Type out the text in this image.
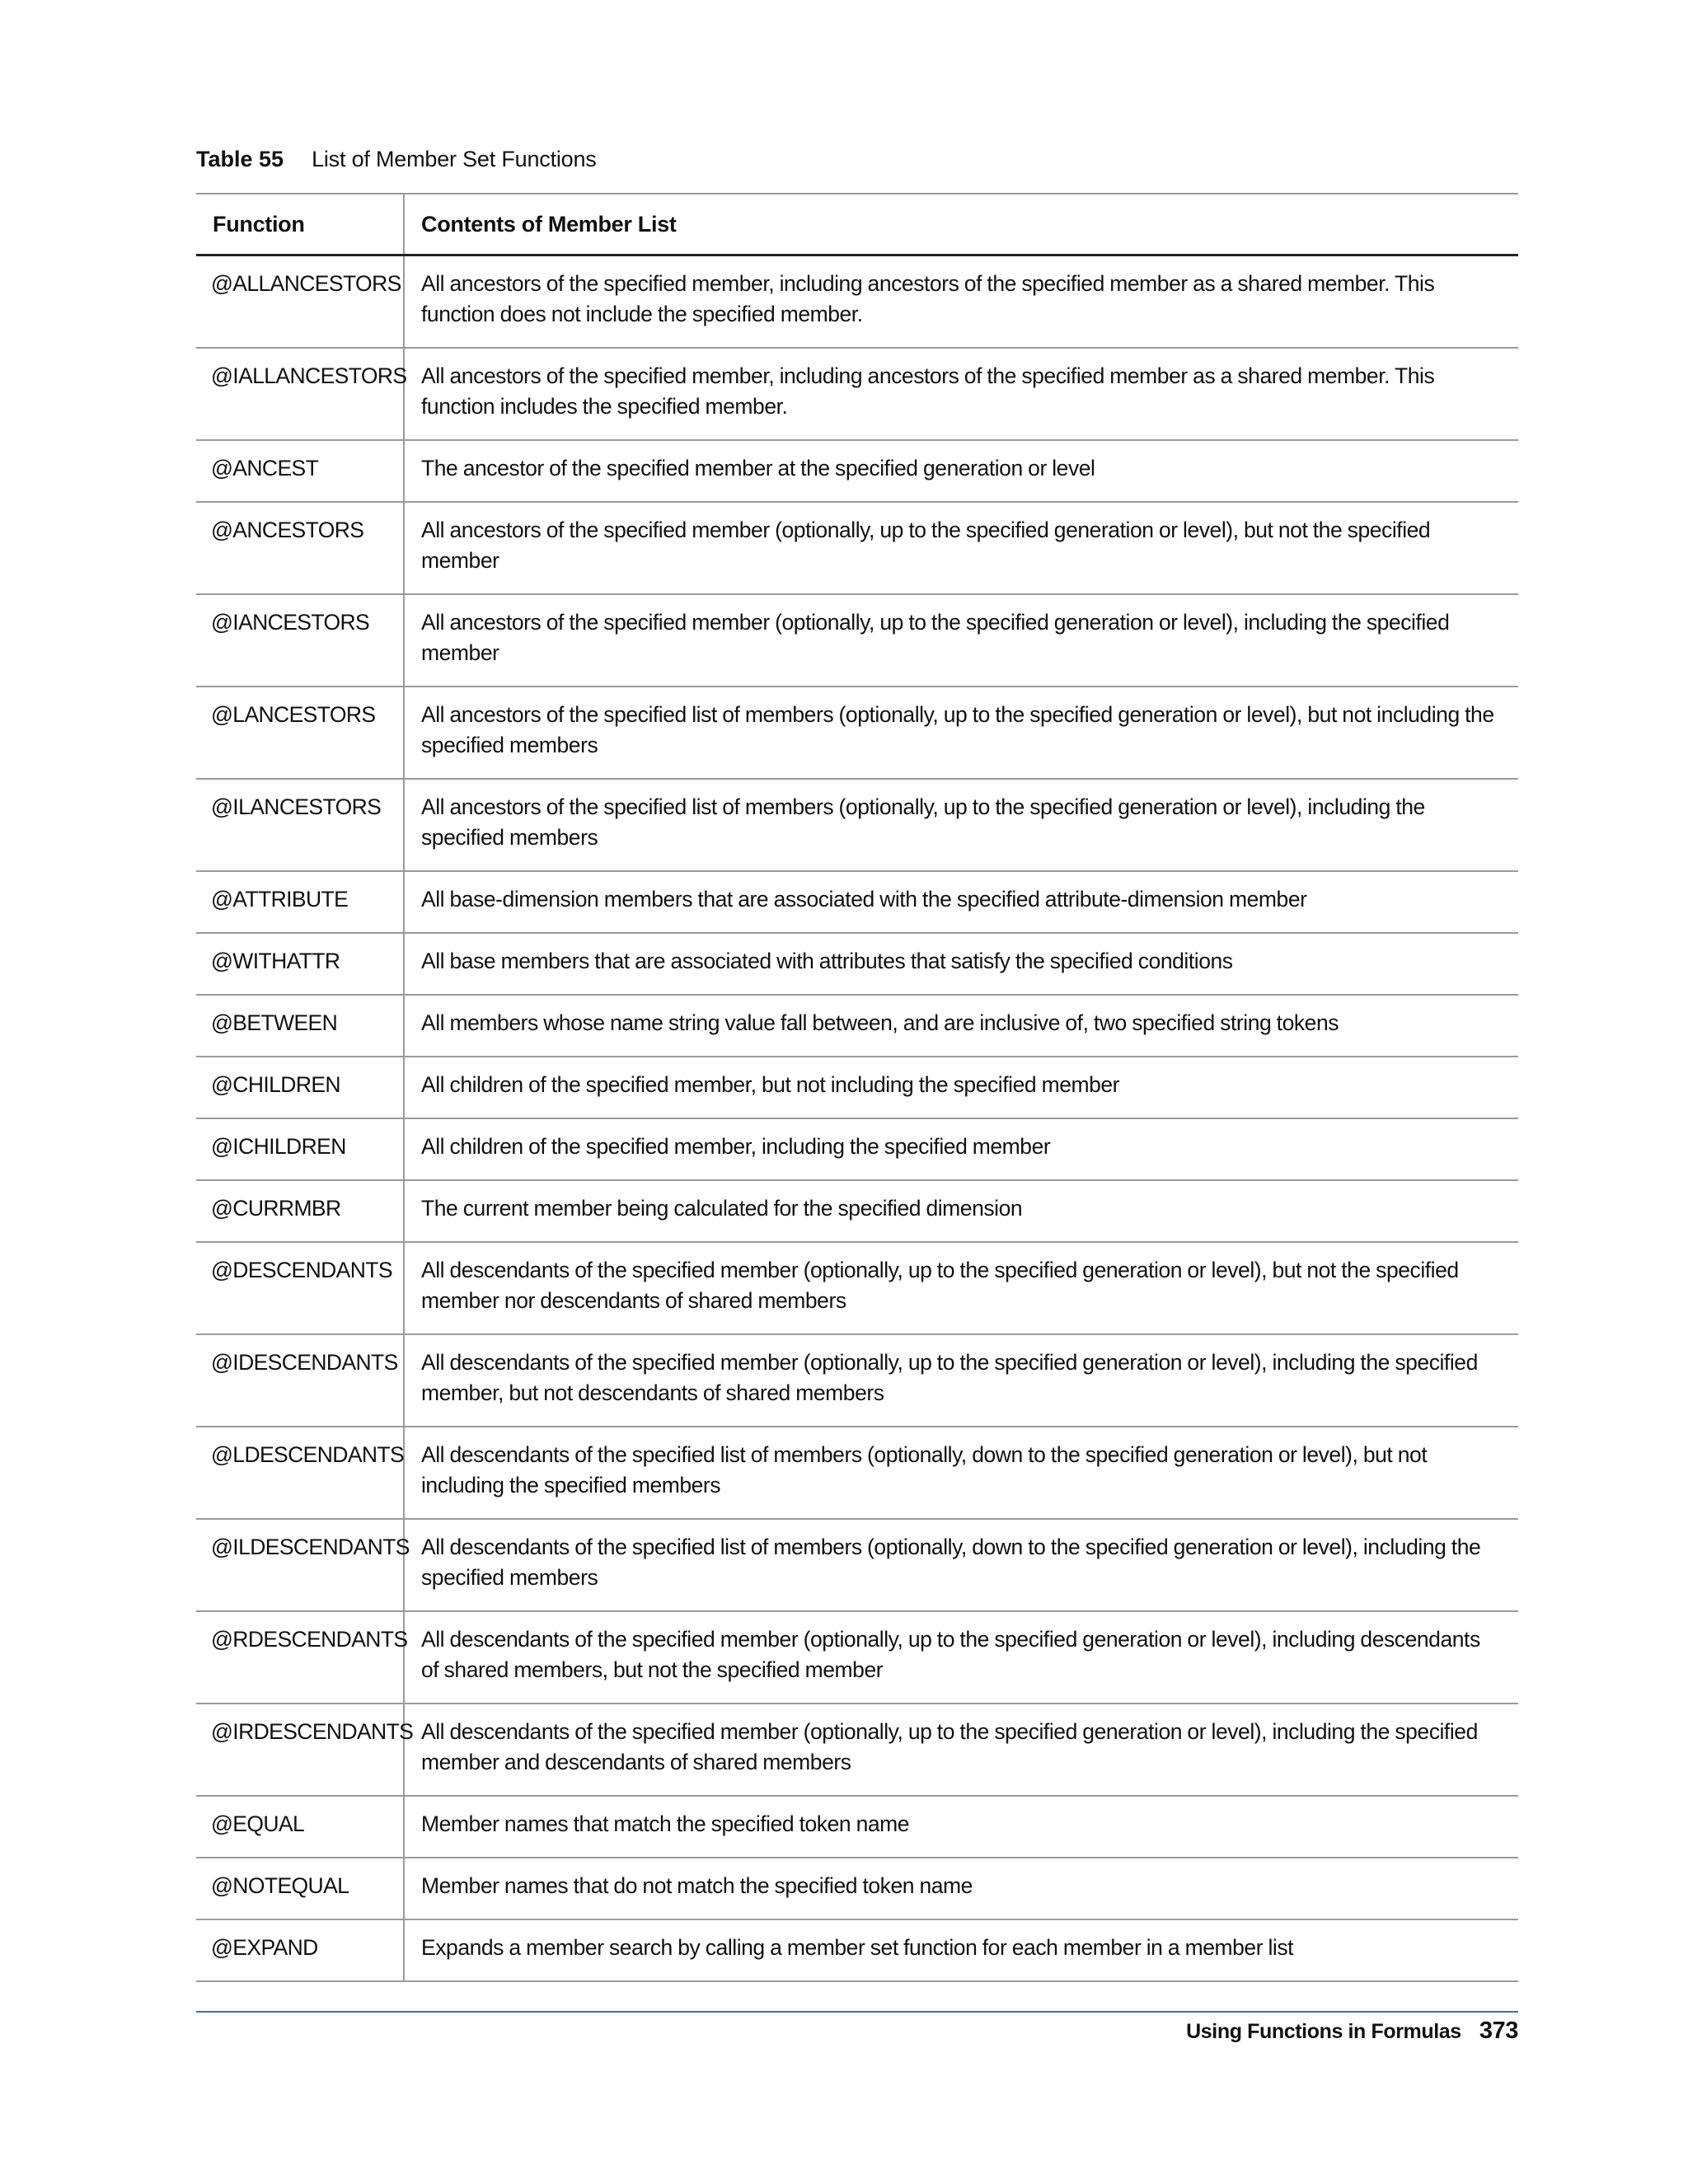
Table 55 List of Member Set Functions
Function	Contents of Member List
@ALLANCESTORS	All ancestors of the specified member, including ancestors of the specified member as a shared member. This function does not include the specified member.
@IALLANCESTORS	All ancestors of the specified member, including ancestors of the specified member as a shared member. This function includes the specified member.
@ANCEST	The ancestor of the specified member at the specified generation or level
@ANCESTORS	All ancestors of the specified member (optionally, up to the specified generation or level), but not the specified member
@IANCESTORS	All ancestors of the specified member (optionally, up to the specified generation or level), including the specified member
@LANCESTORS	All ancestors of the specified list of members (optionally, up to the specified generation or level), but not including the specified members
@ILANCESTORS	All ancestors of the specified list of members (optionally, up to the specified generation or level), including the specified members
@ATTRIBUTE	All base-dimension members that are associated with the specified attribute-dimension member
@WITHATTR	All base members that are associated with attributes that satisfy the specified conditions
@BETWEEN	All members whose name string value fall between, and are inclusive of, two specified string tokens
@CHILDREN	All children of the specified member, but not including the specified member
@ICHILDREN	All children of the specified member, including the specified member
@CURRMBR	The current member being calculated for the specified dimension
@DESCENDANTS	All descendants of the specified member (optionally, up to the specified generation or level), but not the specified member nor descendants of shared members
@IDESCENDANTS	All descendants of the specified member (optionally, up to the specified generation or level), including the specified member, but not descendants of shared members
@LDESCENDANTS	All descendants of the specified list of members (optionally, down to the specified generation or level), but not including the specified members
@ILDESCENDANTS	All descendants of the specified list of members (optionally, down to the specified generation or level), including the specified members
@RDESCENDANTS	All descendants of the specified member (optionally, up to the specified generation or level), including descendants of shared members, but not the specified member
@IRDESCENDANTS	All descendants of the specified member (optionally, up to the specified generation or level), including the specified member and descendants of shared members
@EQUAL	Member names that match the specified token name
@NOTEQUAL	Member names that do not match the specified token name
@EXPAND	Expands a member search by calling a member set function for each member in a member list
Using Functions in Formulas 373
